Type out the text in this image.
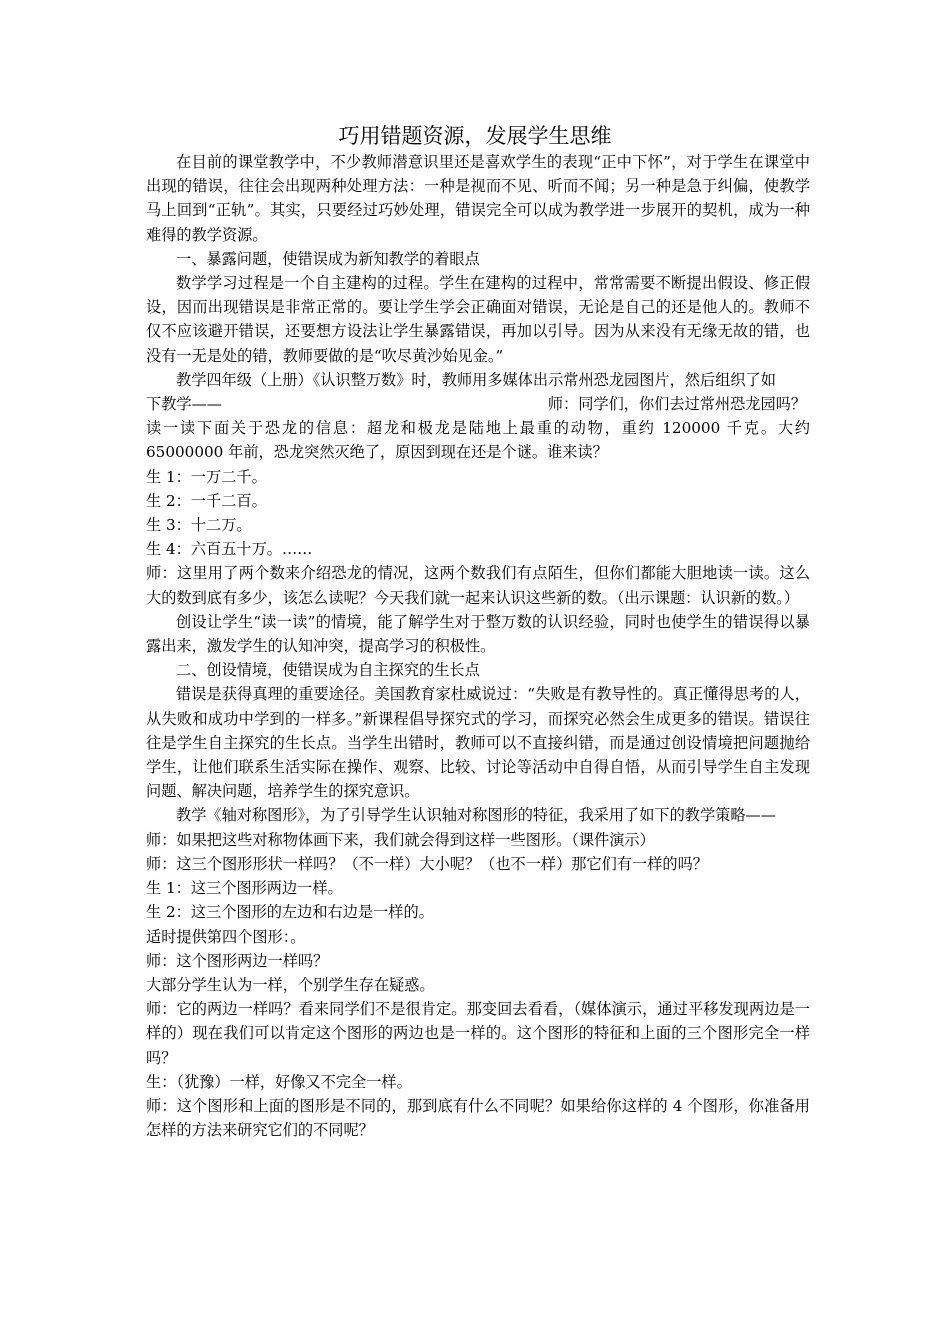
巧用错题资源，发展学生思维

在目前的课堂教学中，不少教师潜意识里还是喜欢学生的表现“正中下怀”，对于学生在课堂中出现的错误，往往会出现两种处理方法：一种是视而不见、听而不闻；另一种是急于纠偏，使教学马上回到“正轨”。其实，只要经过巧妙处理，错误完全可以成为教学进一步展开的契机，成为一种难得的教学资源。

一、暴露问题，使错误成为新知教学的着眼点

数学学习过程是一个自主建构的过程。学生在建构的过程中，常常需要不断提出假设、修正假设，因而出现错误是非常正常的。要让学生学会正确面对错误，无论是自己的还是他人的。教师不仅不应该避开错误，还要想方设法让学生暴露错误，再加以引导。因为从来没有无缘无故的错，也没有一无是处的错，教师要做的是“吹尽黄沙始见金。”

教学四年级（上册）《认识整万数》时，教师用多媒体出示常州恐龙园图片，然后组织了如

下教学——	师：同学们，你们去过常州恐龙园吗？

读一读下面关于恐龙的信息：超龙和极龙是陆地上最重的动物，重约 120000 千克。大约 65000000 年前，恐龙突然灭绝了，原因到现在还是个谜。谁来读？

生 1：一万二千。

生 2：一千二百。

生 3：十二万。

生 4：六百五十万。……

师：这里用了两个数来介绍恐龙的情况，这两个数我们有点陌生，但你们都能大胆地读一读。这么大的数到底有多少，该怎么读呢？今天我们就一起来认识这些新的数。（出示课题：认识新的数。）

创设让学生“读一读”的情境，能了解学生对于整万数的认识经验，同时也使学生的错误得以暴露出来，激发学生的认知冲突，提高学习的积极性。

二、创设情境，使错误成为自主探究的生长点

错误是获得真理的重要途径。美国教育家杜威说过：“失败是有教导性的。真正懂得思考的人，从失败和成功中学到的一样多。”新课程倡导探究式的学习，而探究必然会生成更多的错误。错误往往是学生自主探究的生长点。当学生出错时，教师可以不直接纠错，而是通过创设情境把问题抛给学生，让他们联系生活实际在操作、观察、比较、讨论等活动中自得自悟，从而引导学生自主发现问题、解决问题，培养学生的探究意识。

教学《轴对称图形》，为了引导学生认识轴对称图形的特征，我采用了如下的教学策略——

师：如果把这些对称物体画下来，我们就会得到这样一些图形。（课件演示）

师：这三个图形形状一样吗？（不一样）大小呢？（也不一样）那它们有一样的吗？

生 1：这三个图形两边一样。

生 2：这三个图形的左边和右边是一样的。

适时提供第四个图形：。

师：这个图形两边一样吗？

大部分学生认为一样，个别学生存在疑惑。

师：它的两边一样吗？看来同学们不是很肯定。那变回去看看，（媒体演示，通过平移发现两边是一样的）现在我们可以肯定这个图形的两边也是一样的。这个图形的特征和上面的三个图形完全一样吗？

生：（犹豫）一样，好像又不完全一样。

师：这个图形和上面的图形是不同的，那到底有什么不同呢？如果给你这样的 4 个图形，你准备用怎样的方法来研究它们的不同呢？
